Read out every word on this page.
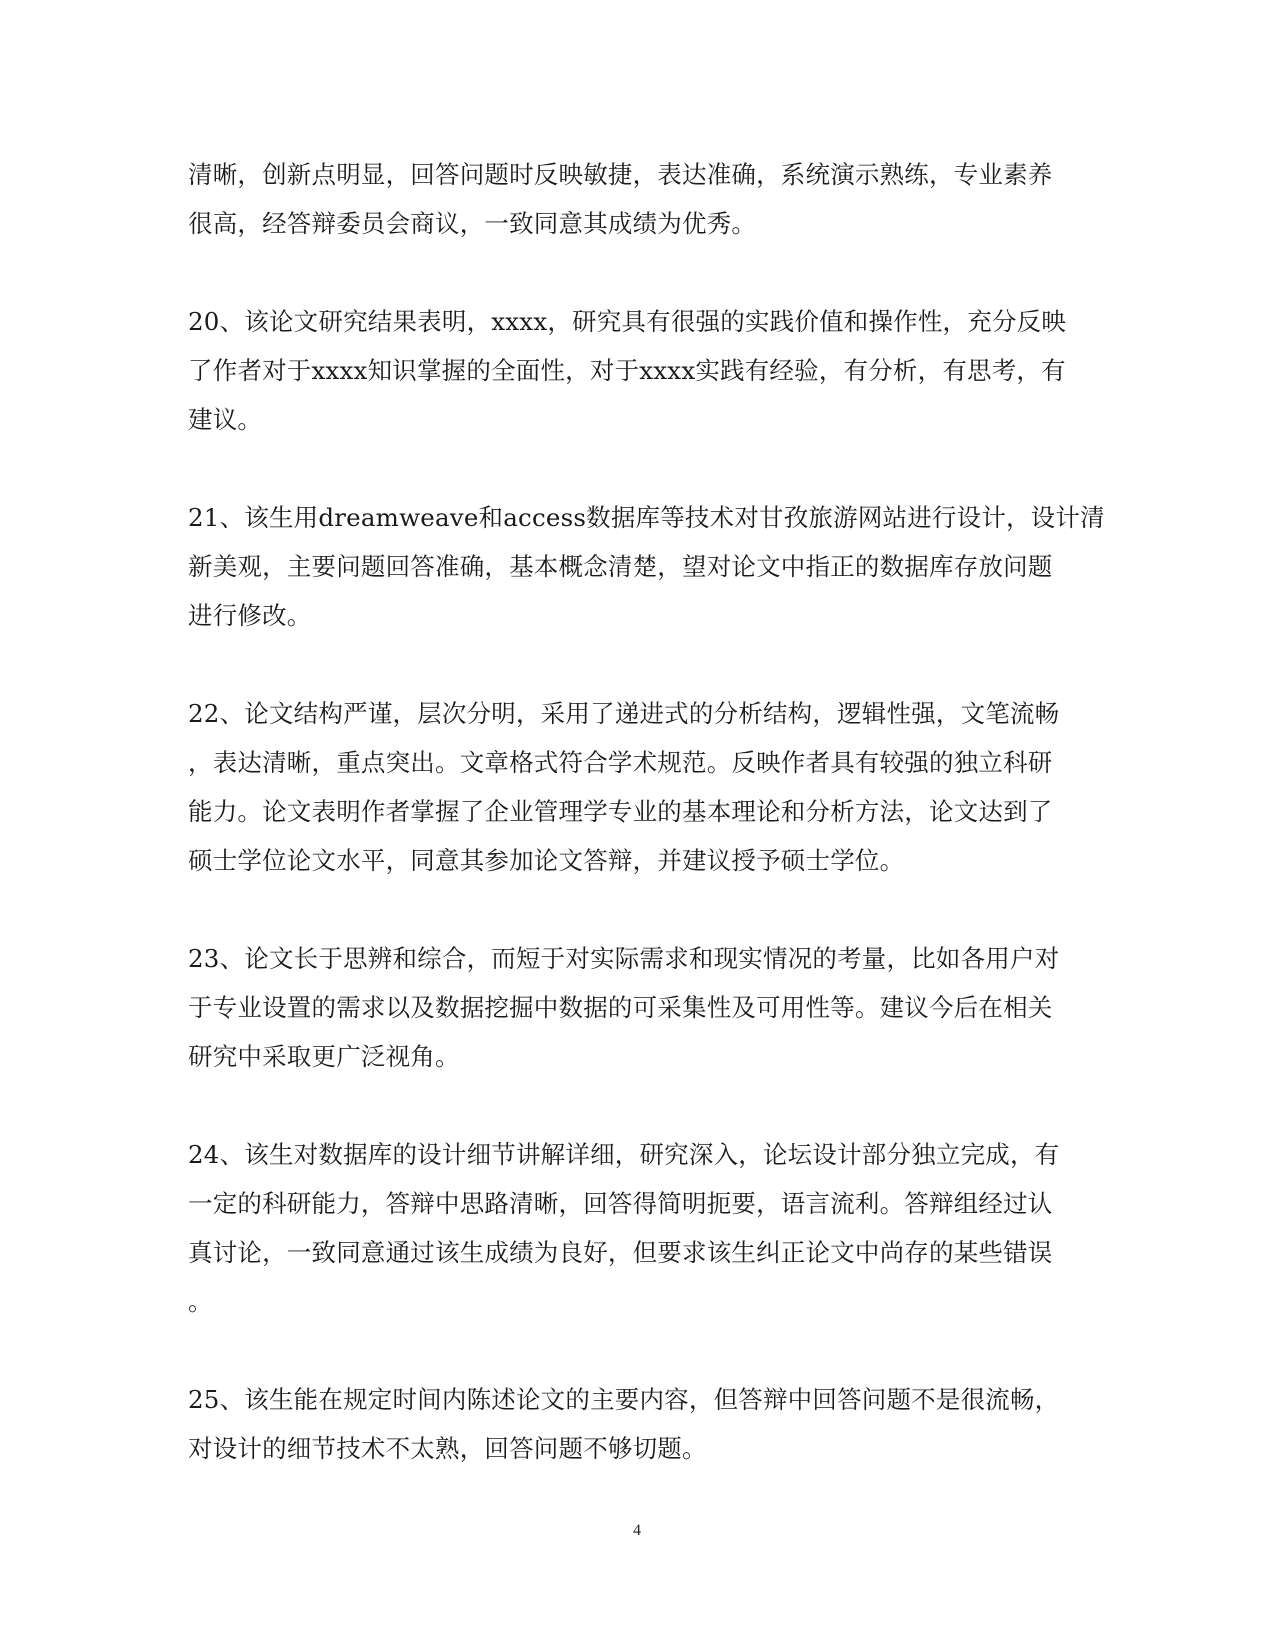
清晰，创新点明显，回答问题时反映敏捷，表达准确，系统演示熟练，专业素养
很高，经答辩委员会商议，一致同意其成绩为优秀。

20、该论文研究结果表明，xxxx，研究具有很强的实践价值和操作性，充分反映
了作者对于xxxx知识掌握的全面性，对于xxxx实践有经验，有分析，有思考，有
建议。

21、该生用dreamweave和access数据库等技术对甘孜旅游网站进行设计，设计清
新美观，主要问题回答准确，基本概念清楚，望对论文中指正的数据库存放问题
进行修改。

22、论文结构严谨，层次分明，采用了递进式的分析结构，逻辑性强，文笔流畅
，表达清晰，重点突出。文章格式符合学术规范。反映作者具有较强的独立科研
能力。论文表明作者掌握了企业管理学专业的基本理论和分析方法，论文达到了
硕士学位论文水平，同意其参加论文答辩，并建议授予硕士学位。

23、论文长于思辨和综合，而短于对实际需求和现实情况的考量，比如各用户对
于专业设置的需求以及数据挖掘中数据的可采集性及可用性等。建议今后在相关
研究中采取更广泛视角。

24、该生对数据库的设计细节讲解详细，研究深入，论坛设计部分独立完成，有
一定的科研能力，答辩中思路清晰，回答得简明扼要，语言流利。答辩组经过认
真讨论，一致同意通过该生成绩为良好，但要求该生纠正论文中尚存的某些错误
。

25、该生能在规定时间内陈述论文的主要内容，但答辩中回答问题不是很流畅，
对设计的细节技术不太熟，回答问题不够切题。

4
